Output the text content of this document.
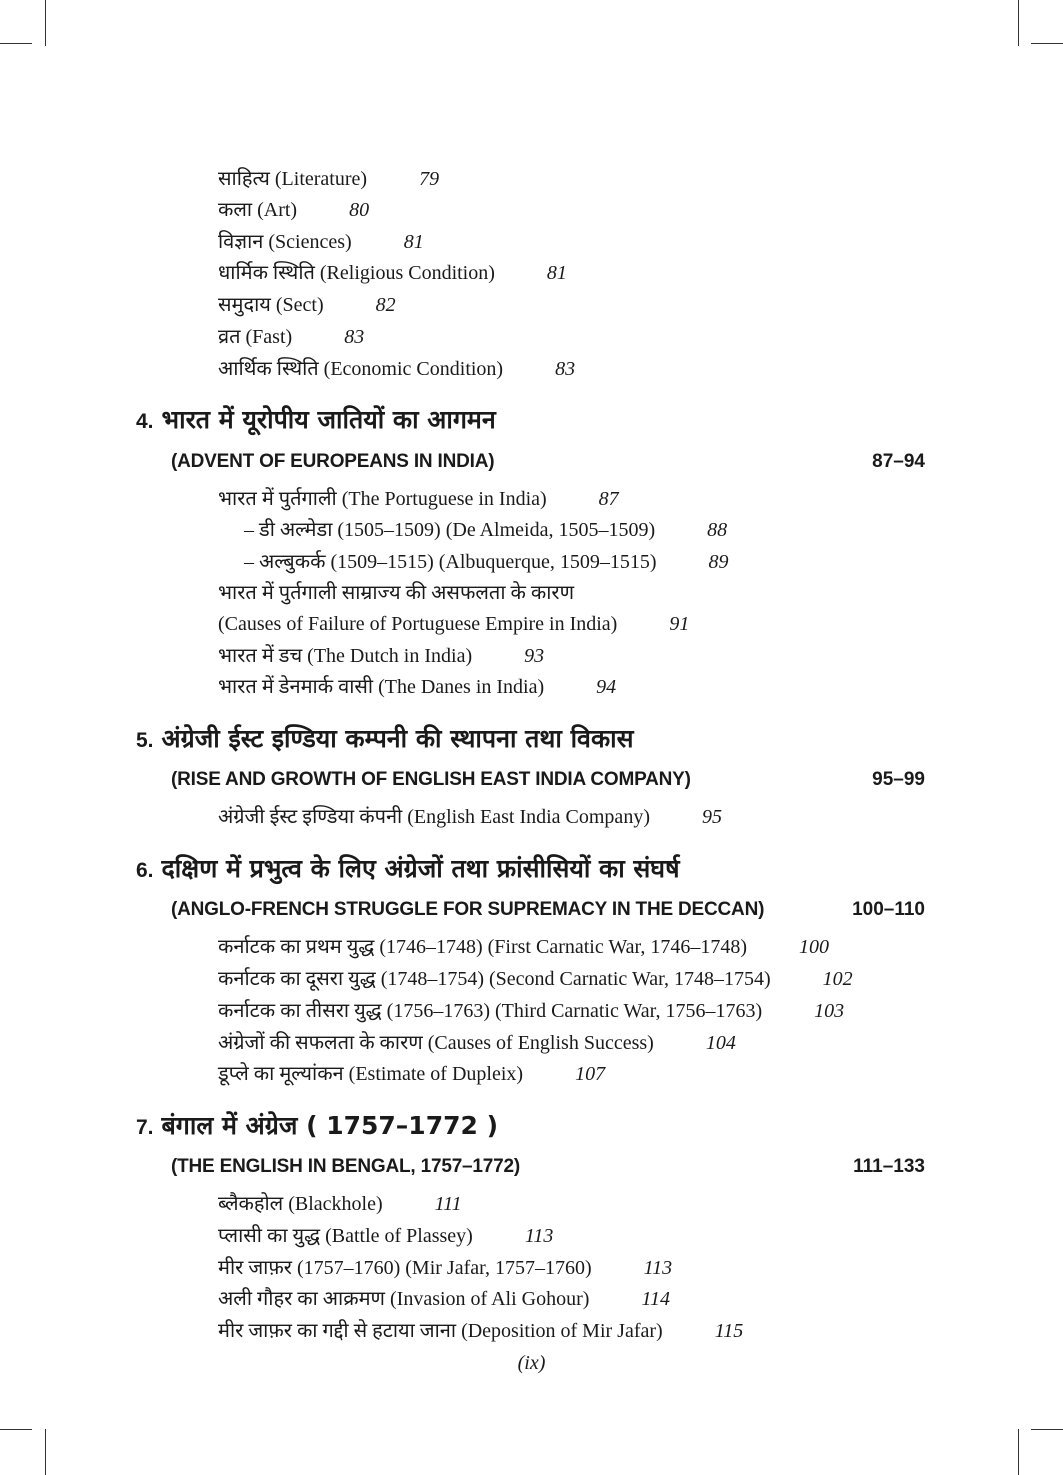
साहित्य (Literature)	79
कला (Art)	80
विज्ञान (Sciences)	81
धार्मिक स्थिति (Religious Condition)	81
समुदाय (Sect)	82
व्रत (Fast)	83
आर्थिक स्थिति (Economic Condition)	83
4. भारत में यूरोपीय जातियों का आगमन
(ADVENT OF EUROPEANS IN INDIA)	87–94
भारत में पुर्तगाली (The Portuguese in India)	87
– डी अल्मेडा (1505–1509) (De Almeida, 1505–1509)	88
– अल्बुकर्क (1509–1515) (Albuquerque, 1509–1515)	89
भारत में पुर्तगाली साम्राज्य की असफलता के कारण
(Causes of Failure of Portuguese Empire in India)	91
भारत में डच (The Dutch in India)	93
भारत में डेनमार्क वासी (The Danes in India)	94
5. अंग्रेजी ईस्ट इण्डिया कम्पनी की स्थापना तथा विकास
(RISE AND GROWTH OF ENGLISH EAST INDIA COMPANY)	95–99
अंग्रेजी ईस्ट इण्डिया कंपनी (English East India Company)	95
6. दक्षिण में प्रभुत्व के लिए अंग्रेजों तथा फ्रांसीसियों का संघर्ष
(ANGLO-FRENCH STRUGGLE FOR SUPREMACY IN THE DECCAN)	100–110
कर्नाटक का प्रथम युद्ध (1746–1748) (First Carnatic War, 1746–1748)	100
कर्नाटक का दूसरा युद्ध (1748–1754) (Second Carnatic War, 1748–1754)	102
कर्नाटक का तीसरा युद्ध (1756–1763) (Third Carnatic War, 1756–1763)	103
अंग्रेजों की सफलता के कारण (Causes of English Success)	104
डूप्ले का मूल्यांकन (Estimate of Dupleix)	107
7. बंगाल में अंग्रेज ( 1757–1772 )
(THE ENGLISH IN BENGAL, 1757–1772)	111–133
ब्लैकहोल (Blackhole)	111
प्लासी का युद्ध (Battle of Plassey)	113
मीर जाफ़र (1757–1760) (Mir Jafar, 1757–1760)	113
अली गौहर का आक्रमण (Invasion of Ali Gohour)	114
मीर जाफ़र का गद्दी से हटाया जाना (Deposition of Mir Jafar)	115
(ix)
